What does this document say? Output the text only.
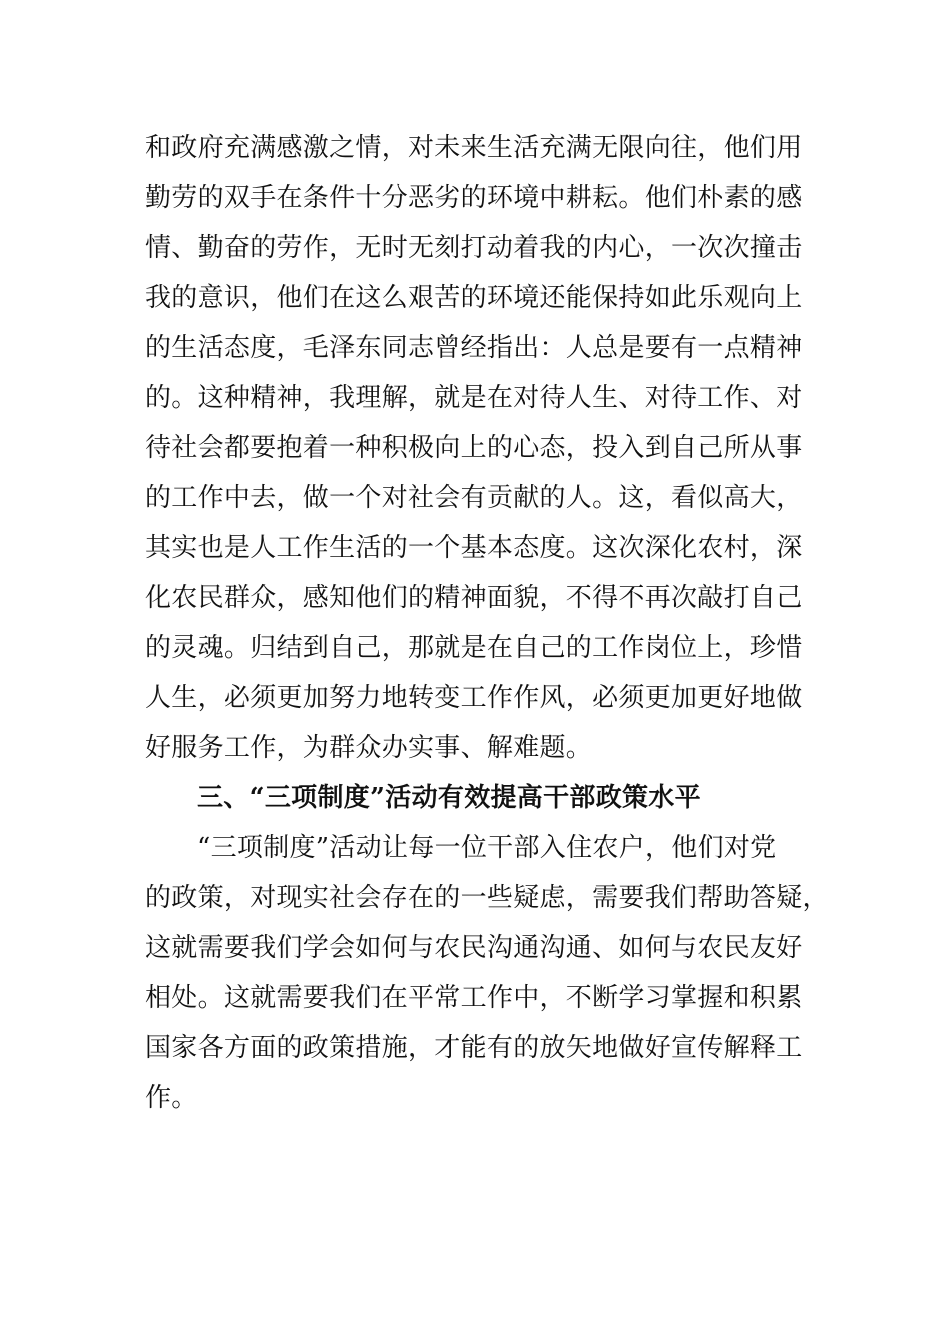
和政府充满感激之情，对未来生活充满无限向往，他们用
勤劳的双手在条件十分恶劣的环境中耕耘。他们朴素的感
情、勤奋的劳作，无时无刻打动着我的内心，一次次撞击
我的意识，他们在这么艰苦的环境还能保持如此乐观向上
的生活态度，毛泽东同志曾经指出：人总是要有一点精神
的。这种精神，我理解，就是在对待人生、对待工作、对
待社会都要抱着一种积极向上的心态，投入到自己所从事
的工作中去，做一个对社会有贡献的人。这，看似高大，
其实也是人工作生活的一个基本态度。这次深化农村，深
化农民群众，感知他们的精神面貌，不得不再次敲打自己
的灵魂。归结到自己，那就是在自己的工作岗位上，珍惜
人生，必须更加努力地转变工作作风，必须更加更好地做
好服务工作，为群众办实事、解难题。
三、“三项制度”活动有效提高干部政策水平
“三项制度”活动让每一位干部入住农户，他们对党
的政策，对现实社会存在的一些疑虑，需要我们帮助答疑，
这就需要我们学会如何与农民沟通沟通、如何与农民友好
相处。这就需要我们在平常工作中，不断学习掌握和积累
国家各方面的政策措施，才能有的放矢地做好宣传解释工
作。
